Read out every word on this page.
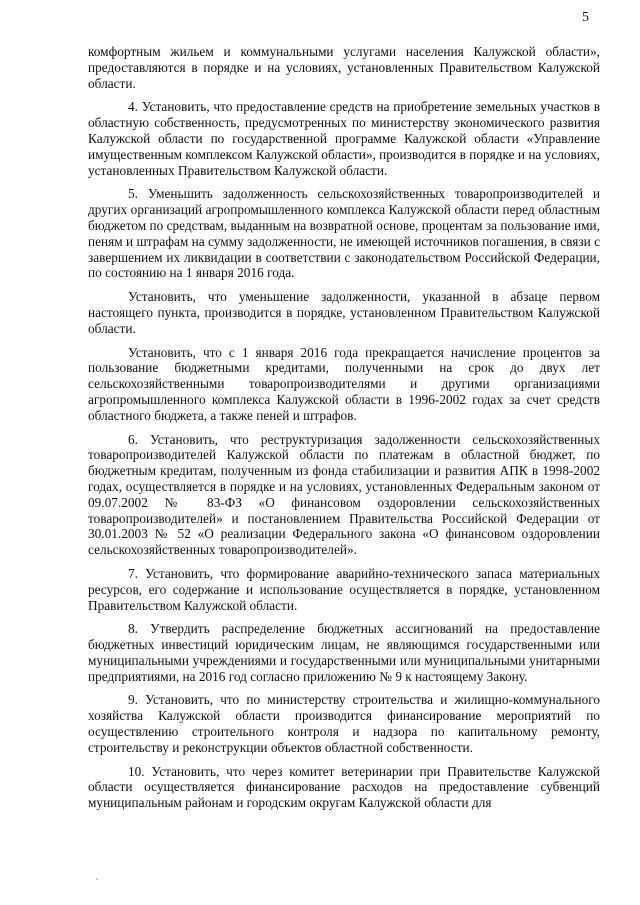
5

комфортным жильем и коммунальными услугами населения Калужской области», предоставляются в порядке и на условиях, установленных Правительством Калужской области.

4. Установить, что предоставление средств на приобретение земельных участков в областную собственность, предусмотренных по министерству экономического развития Калужской области по государственной программе Калужской области «Управление имущественным комплексом Калужской области», производится в порядке и на условиях, установленных Правительством Калужской области.

5. Уменьшить задолженность сельскохозяйственных товаропроизводителей и других организаций агропромышленного комплекса Калужской области перед областным бюджетом по средствам, выданным на возвратной основе, процентам за пользование ими, пеням и штрафам на сумму задолженности, не имеющей источников погашения, в связи с завершением их ликвидации в соответствии с законодательством Российской Федерации, по состоянию на 1 января 2016 года.

Установить, что уменьшение задолженности, указанной в абзаце первом настоящего пункта, производится в порядке, установленном Правительством Калужской области.

Установить, что с 1 января 2016 года прекращается начисление процентов за пользование бюджетными кредитами, полученными на срок до двух лет сельскохозяйственными товаропроизводителями и другими организациями агропромышленного комплекса Калужской области в 1996-2002 годах за счет средств областного бюджета, а также пеней и штрафов.

6. Установить, что реструктуризация задолженности сельскохозяйственных товаропроизводителей Калужской области по платежам в областной бюджет, по бюджетным кредитам, полученным из фонда стабилизации и развития АПК в 1998-2002 годах, осуществляется в порядке и на условиях, установленных Федеральным законом от 09.07.2002 № 83-ФЗ «О финансовом оздоровлении сельскохозяйственных товаропроизводителей» и постановлением Правительства Российской Федерации от 30.01.2003 № 52 «О реализации Федерального закона «О финансовом оздоровлении сельскохозяйственных товаропроизводителей».

7. Установить, что формирование аварийно-технического запаса материальных ресурсов, его содержание и использование осуществляется в порядке, установленном Правительством Калужской области.

8. Утвердить распределение бюджетных ассигнований на предоставление бюджетных инвестиций юридическим лицам, не являющимся государственными или муниципальными учреждениями и государственными или муниципальными унитарными предприятиями, на 2016 год согласно приложению № 9 к настоящему Закону.

9. Установить, что по министерству строительства и жилищно-коммунального хозяйства Калужской области производится финансирование мероприятий по осуществлению строительного контроля и надзора по капитальному ремонту, строительству и реконструкции объектов областной собственности.

10. Установить, что через комитет ветеринарии при Правительстве Калужской области осуществляется финансирование расходов на предоставление субвенций муниципальным районам и городским округам Калужской области для
